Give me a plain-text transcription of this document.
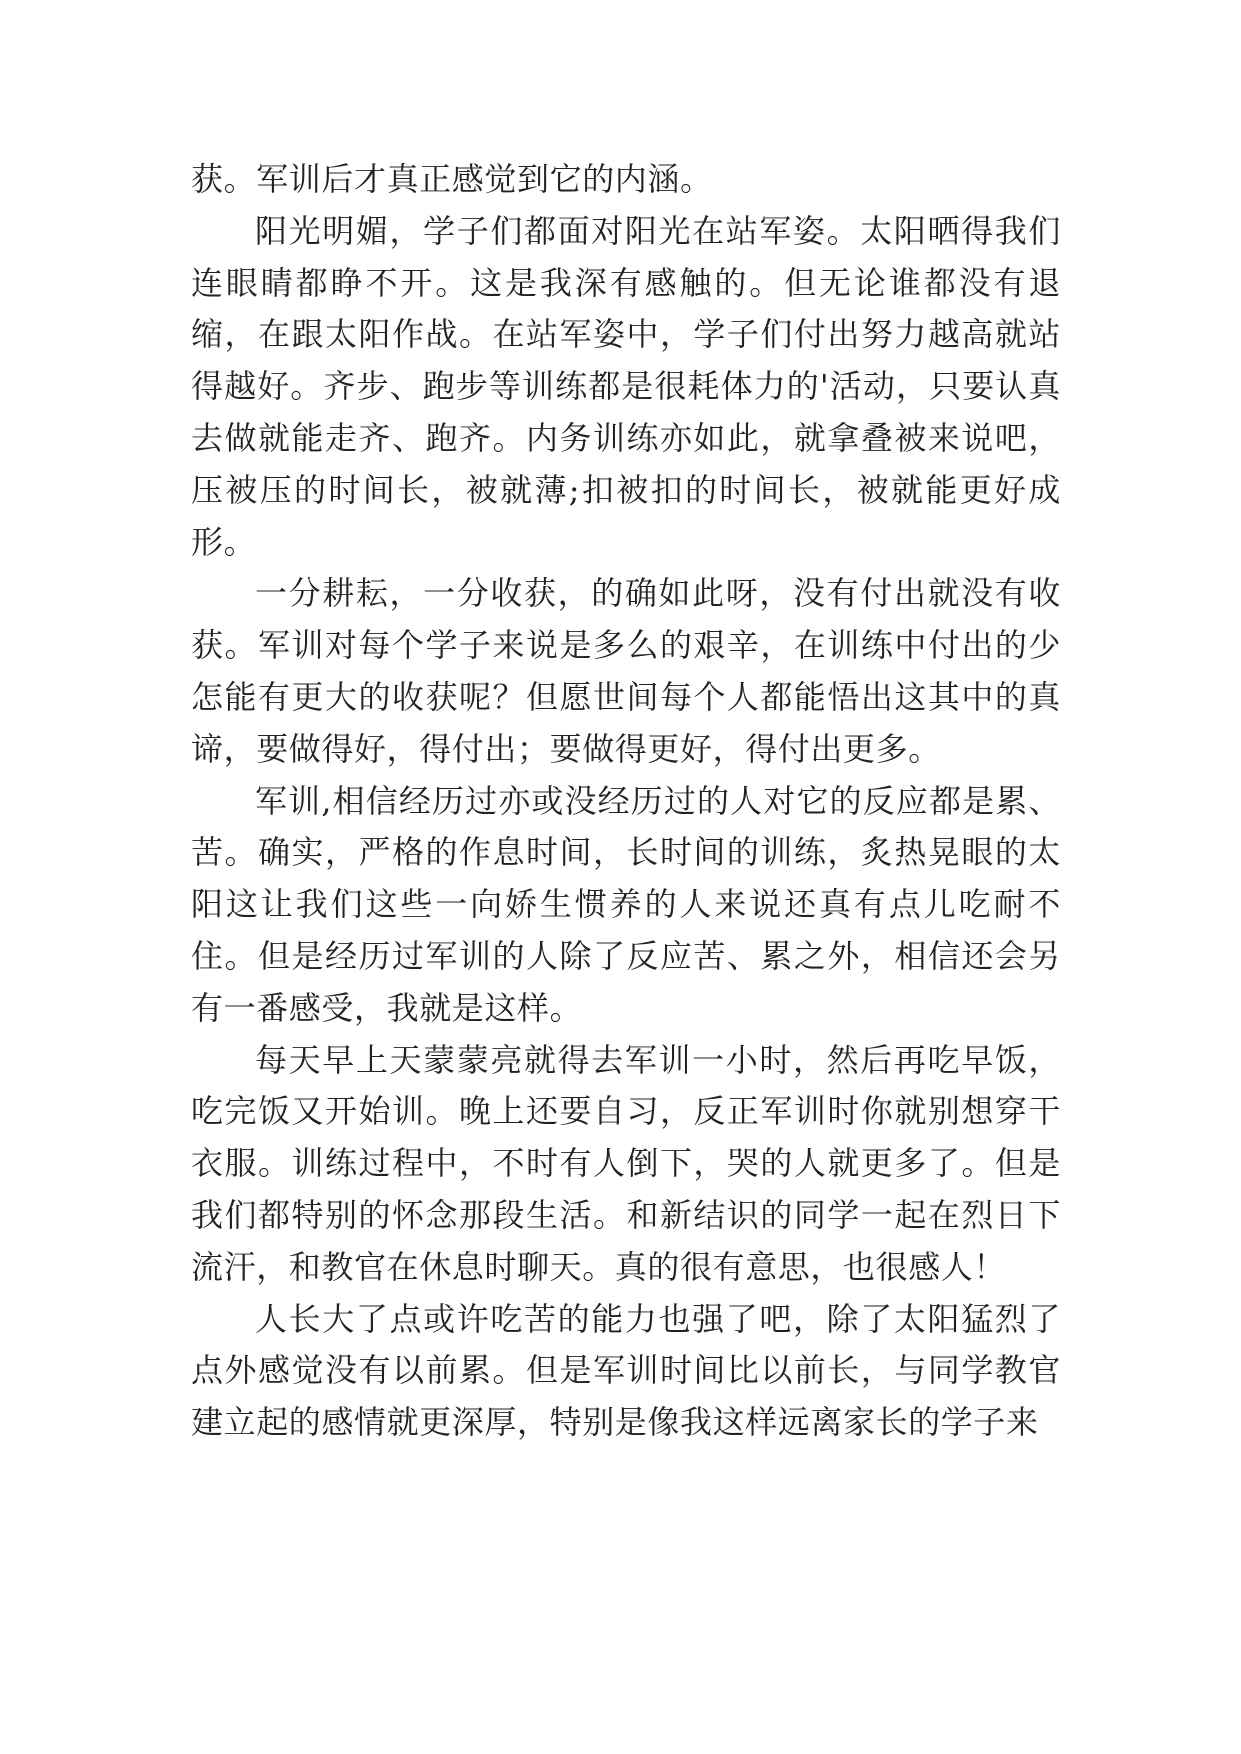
获。军训后才真正感觉到它的内涵。

阳光明媚，学子们都面对阳光在站军姿。太阳晒得我们连眼睛都睁不开。这是我深有感触的。但无论谁都没有退缩，在跟太阳作战。在站军姿中，学子们付出努力越高就站得越好。齐步、跑步等训练都是很耗体力的'活动，只要认真去做就能走齐、跑齐。内务训练亦如此，就拿叠被来说吧，压被压的时间长，被就薄;扣被扣的时间长，被就能更好成形。

一分耕耘，一分收获，的确如此呀，没有付出就没有收获。军训对每个学子来说是多么的艰辛，在训练中付出的少怎能有更大的收获呢？但愿世间每个人都能悟出这其中的真谛，要做得好，得付出；要做得更好，得付出更多。

军训,相信经历过亦或没经历过的人对它的反应都是累、苦。确实，严格的作息时间，长时间的训练，炙热晃眼的太阳这让我们这些一向娇生惯养的人来说还真有点儿吃耐不住。但是经历过军训的人除了反应苦、累之外，相信还会另有一番感受，我就是这样。

每天早上天蒙蒙亮就得去军训一小时，然后再吃早饭，吃完饭又开始训。晚上还要自习，反正军训时你就别想穿干衣服。训练过程中，不时有人倒下，哭的人就更多了。但是我们都特别的怀念那段生活。和新结识的同学一起在烈日下流汗，和教官在休息时聊天。真的很有意思，也很感人！

人长大了点或许吃苦的能力也强了吧，除了太阳猛烈了点外感觉没有以前累。但是军训时间比以前长，与同学教官建立起的感情就更深厚，特别是像我这样远离家长的学子来
